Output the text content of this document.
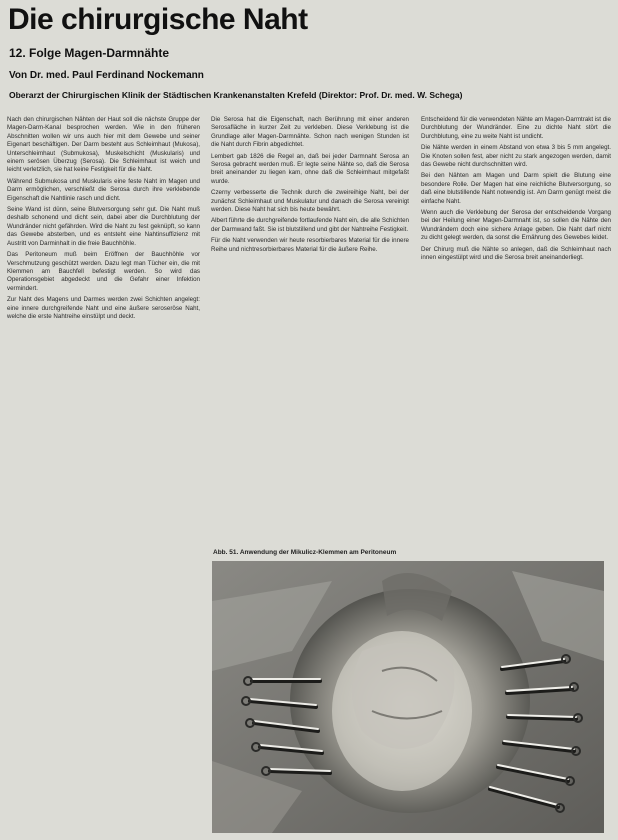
Die chirurgische Naht
12. Folge Magen-Darmnähte
Von Dr. med. Paul Ferdinand Nockemann
Oberarzt der Chirurgischen Klinik der Städtischen Krankenanstalten Krefeld (Direktor: Prof. Dr. med. W. Schega)

Nach den chirurgischen Nähten der Haut soll die nächste Gruppe der Magen-Darm-Kanal besprochen werden. Wie in den früheren Abschnitten wollen wir uns auch hier mit dem Gewebe und seiner Eigenart beschäftigen. Der Darm besteht aus Schleimhaut (Mukosa), Unterschleimhaut (Submukosa), Muskelschicht (Muskularis) und einem serösen Überzug (Serosa). Die Schleimhaut ist weich und leicht verletzlich, sie hat keine Festigkeit für die Naht.

Während Submukosa und Muskularis eine feste Naht im Magen und Darm ermöglichen, verschließt die Serosa durch ihre verklebende Eigenschaft die Nahtlinie rasch und dicht.

Seine Wand ist dünn, seine Blutversorgung sehr gut. Die Naht muß deshalb schonend und dicht sein, dabei aber die Durchblutung der Wundränder nicht gefährden. Wird die Naht zu fest geknüpft, so kann das Gewebe absterben, und es entsteht eine Nahtinsuffizienz mit Austritt von Darminhalt in die freie Bauchhöhle.

Das Peritoneum muß beim Eröffnen der Bauchhöhle vor Verschmutzung geschützt werden. Dazu legt man Tücher ein, die mit Klemmen am Bauchfell befestigt werden. So wird das Operationsgebiet abgedeckt und die Gefahr einer Infektion vermindert.

Zur Naht des Magens und Darmes werden zwei Schichten angelegt: eine innere durchgreifende Naht und eine äußere seroseröse Naht, welche die erste Nahtreihe einstülpt und deckt.

Die Serosa hat die Eigenschaft, nach Berührung mit einer anderen Serosafläche in kurzer Zeit zu verkleben. Diese Verklebung ist die Grundlage aller Magen-Darmnähte. Schon nach wenigen Stunden ist die Naht durch Fibrin abgedichtet.

Lembert gab 1826 die Regel an, daß bei jeder Darmnaht Serosa an Serosa gebracht werden muß. Er legte seine Nähte so, daß die Serosa breit aneinander zu liegen kam, ohne daß die Schleimhaut mitgefaßt wurde.

Czerny verbesserte die Technik durch die zweireihige Naht, bei der zunächst Schleimhaut und Muskulatur und danach die Serosa vereinigt werden. Diese Naht hat sich bis heute bewährt.

Albert führte die durchgreifende fortlaufende Naht ein, die alle Schichten der Darmwand faßt. Sie ist blutstillend und gibt der Nahtreihe Festigkeit.

Für die Naht verwenden wir heute resorbierbares Material für die innere Reihe und nichtresorbierbares Material für die äußere Reihe.

Entscheidend für die verwendeten Nähte am Magen-Darmtrakt ist die Durchblutung der Wundränder. Eine zu dichte Naht stört die Durchblutung, eine zu weite Naht ist undicht.

Die Nähte werden in einem Abstand von etwa 3 bis 5 mm angelegt. Die Knoten sollen fest, aber nicht zu stark angezogen werden, damit das Gewebe nicht durchschnitten wird.

Bei den Nähten am Magen und Darm spielt die Blutung eine besondere Rolle. Der Magen hat eine reichliche Blutversorgung, so daß eine blutstillende Naht notwendig ist. Am Darm genügt meist die einfache Naht.

Wenn auch die Verklebung der Serosa der entscheidende Vorgang bei der Heilung einer Magen-Darmnaht ist, so sollen die Nähte den Wundrändern doch eine sichere Anlage geben. Die Naht darf nicht zu dicht gelegt werden, da sonst die Ernährung des Gewebes leidet.

Der Chirurg muß die Nähte so anlegen, daß die Schleimhaut nach innen eingestülpt wird und die Serosa breit aneinanderliegt.

Abb. 51. Anwendung der Mikulicz-Klemmen am Peritoneum
